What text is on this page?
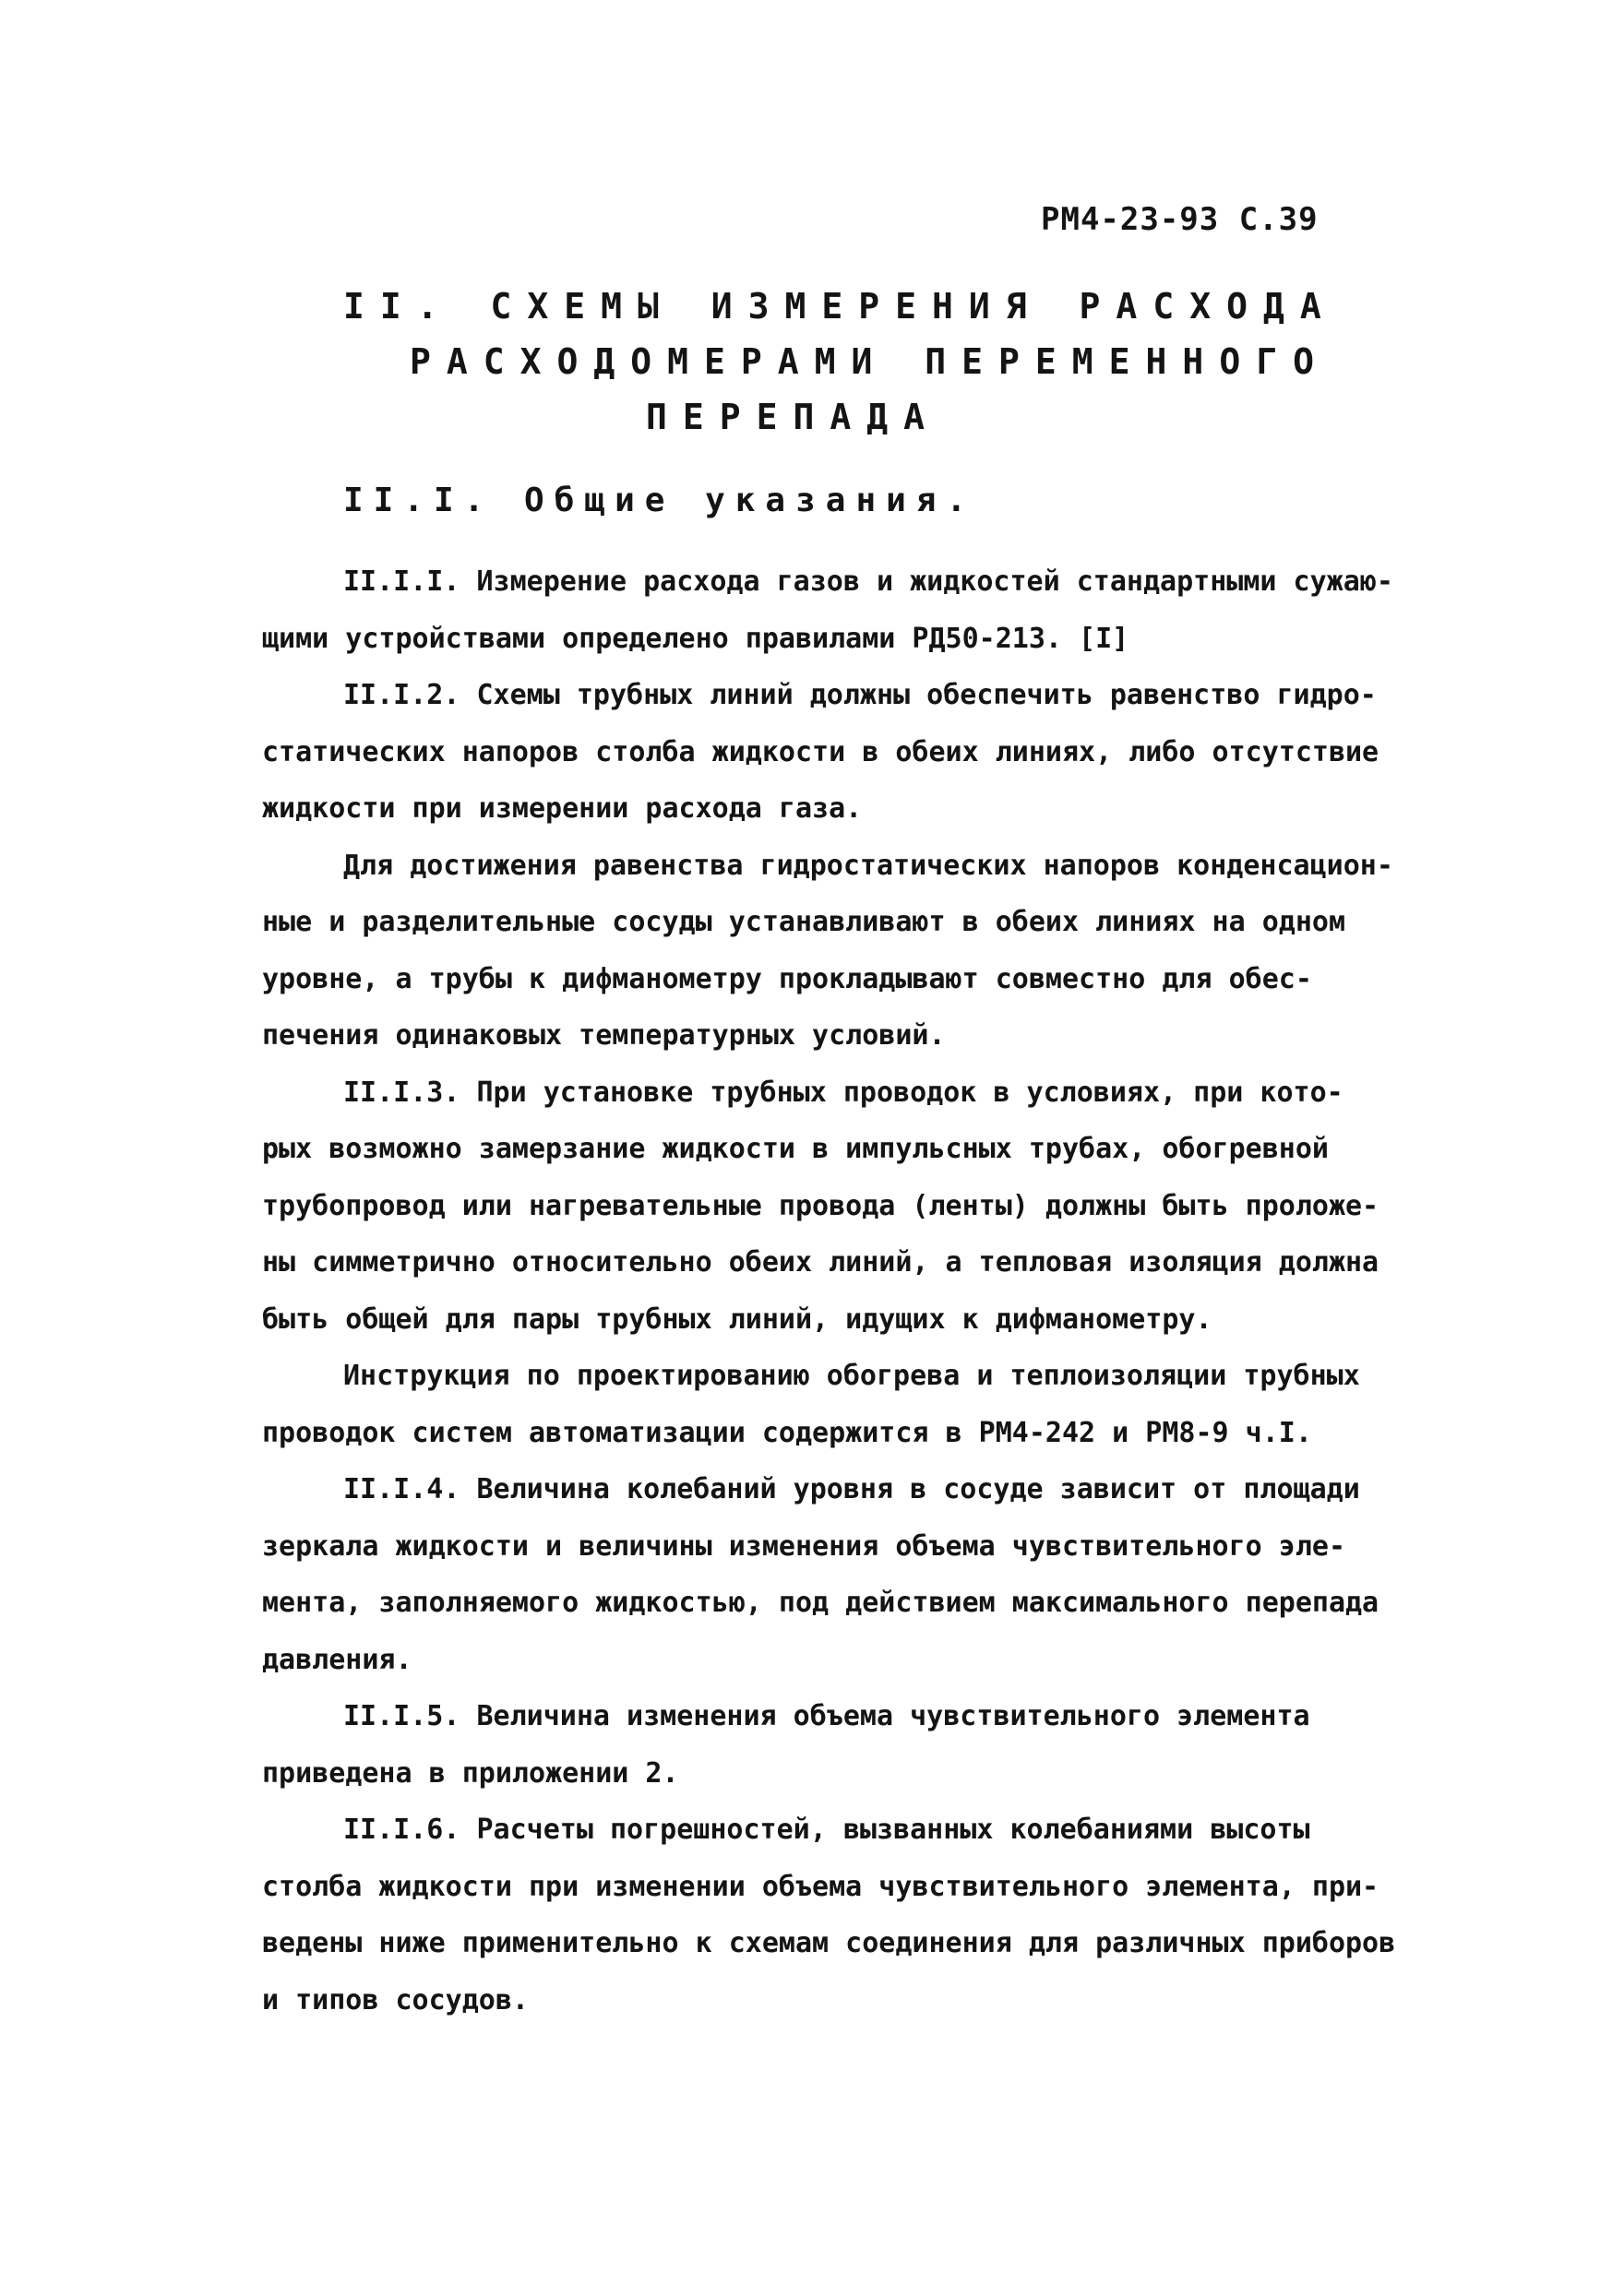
РМ4-23-93 С.39
II. СХЕМЫ ИЗМЕРЕНИЯ РАСХОДА
РАСХОДОМЕРАМИ ПЕРЕМЕННОГО
ПЕРЕПАДА
II.I. Общие указания.

II.I.I. Измерение расхода газов и жидкостей стандартными сужаю-
щими устройствами определено правилами РД50-213. [I]

II.I.2. Схемы трубных линий должны обеспечить равенство гидро-
статических напоров столба жидкости в обеих линиях, либо отсутствие
жидкости при измерении расхода газа.

Для достижения равенства гидростатических напоров конденсацион-
ные и разделительные сосуды устанавливают в обеих линиях на одном
уровне, а трубы к дифманометру прокладывают совместно для обес-
печения одинаковых температурных условий.

II.I.3. При установке трубных проводок в условиях, при кото-
рых возможно замерзание жидкости в импульсных трубах, обогревной
трубопровод или нагревательные провода (ленты) должны быть проложе-
ны симметрично относительно обеих линий, а тепловая изоляция должна
быть общей для пары трубных линий, идущих к дифманометру.

Инструкция по проектированию обогрева и теплоизоляции трубных
проводок систем автоматизации содержится в РМ4-242 и РМ8-9 ч.I.

II.I.4. Величина колебаний уровня в сосуде зависит от площади
зеркала жидкости и величины изменения объема чувствительного эле-
мента, заполняемого жидкостью, под действием максимального перепада
давления.

II.I.5. Величина изменения объема чувствительного элемента
приведена в приложении 2.

II.I.6. Расчеты погрешностей, вызванных колебаниями высоты
столба жидкости при изменении объема чувствительного элемента, при-
ведены ниже применительно к схемам соединения для различных приборов
и типов сосудов.
